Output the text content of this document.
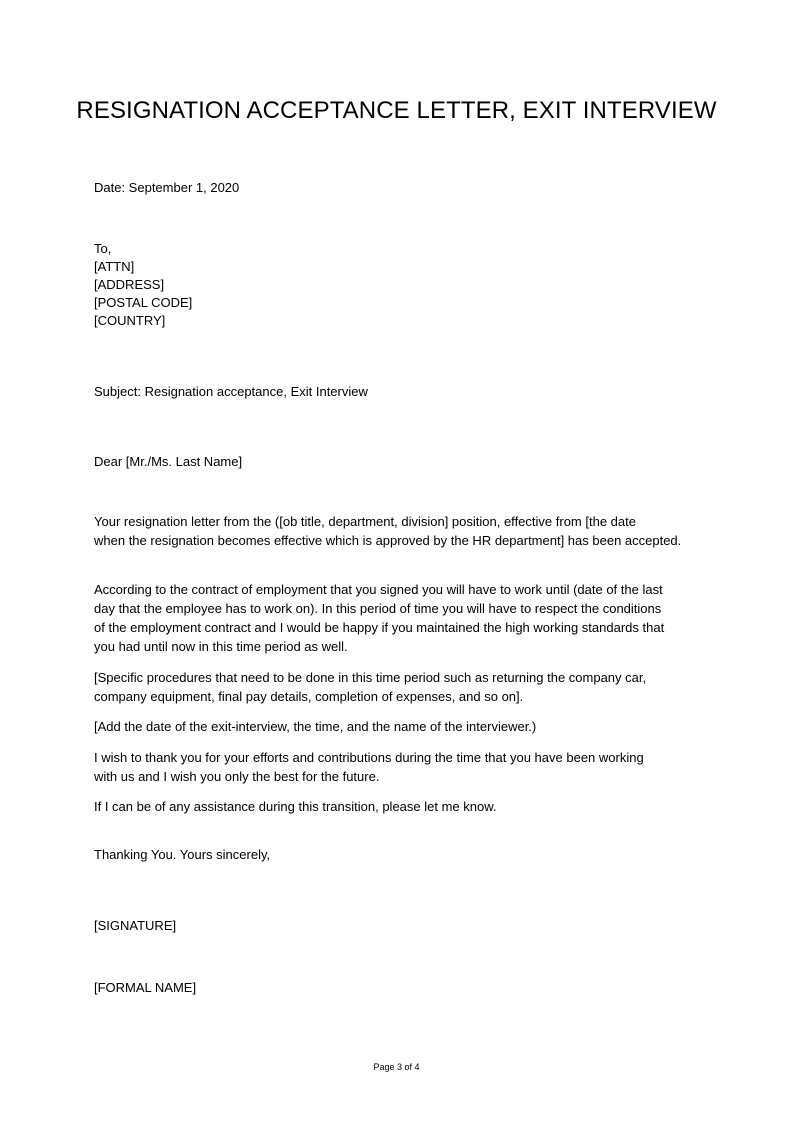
RESIGNATION ACCEPTANCE LETTER, EXIT INTERVIEW
Date: September 1, 2020
To,
[ATTN]
[ADDRESS]
[POSTAL CODE]
[COUNTRY]
Subject: Resignation acceptance, Exit Interview
Dear [Mr./Ms. Last Name]
Your resignation letter from the ([ob title, department, division] position, effective from [the date
when the resignation becomes effective which is approved by the HR department] has been accepted.
According to the contract of employment that you signed you will have to work until (date of the last
day that the employee has to work on). In this period of time you will have to respect the conditions
of the employment contract and I would be happy if you maintained the high working standards that
you had until now in this time period as well.
[Specific procedures that need to be done in this time period such as returning the company car,
company equipment, final pay details, completion of expenses, and so on].
[Add the date of the exit-interview, the time, and the name of the interviewer.)
I wish to thank you for your efforts and contributions during the time that you have been working
with us and I wish you only the best for the future.
If I can be of any assistance during this transition, please let me know.
Thanking You. Yours sincerely,
[SIGNATURE]
[FORMAL NAME]
Page 3 of 4
